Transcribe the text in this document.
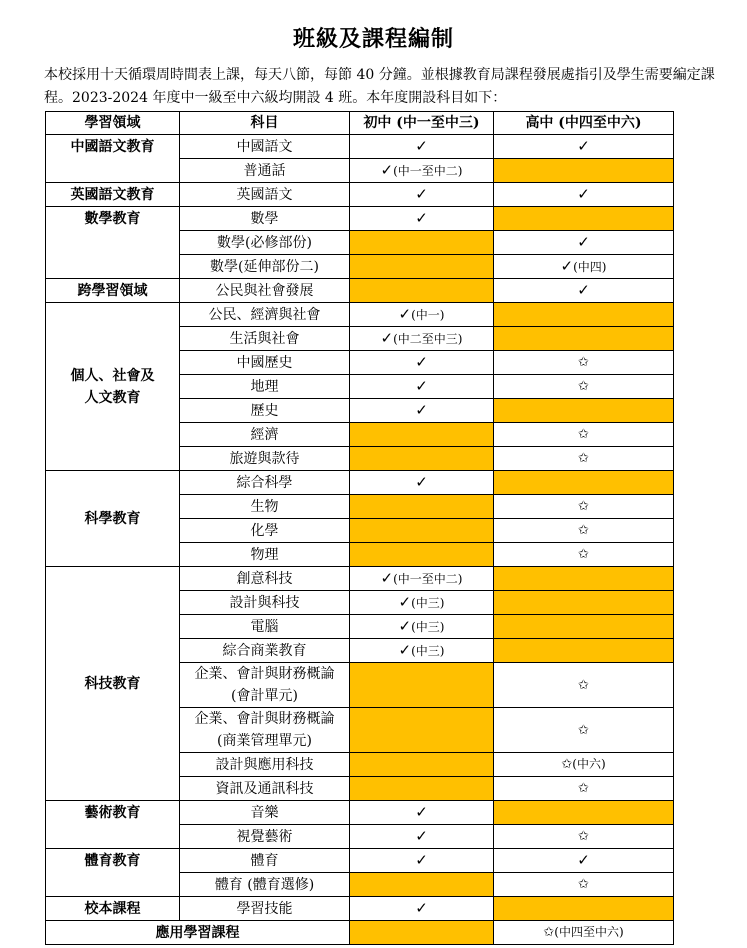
班級及課程編制
本校採用十天循環周時間表上課，每天八節，每節 40 分鐘。並根據教育局課程發展處指引及學生需要編定課程。2023-2024 年度中一級至中六級均開設 4 班。本年度開設科目如下：
學習領域	科目	初中 (中一至中三)	高中 (中四至中六)
中國語文教育	中國語文	✓	✓
	普通話	✓(中一至中二)	
英國語文教育	英國語文	✓	✓
數學教育	數學	✓	
	數學(必修部份)		✓
	數學(延伸部份二)		✓(中四)
跨學習領域	公民與社會發展		✓
個人、社會及
人文教育	公民、經濟與社會	✓(中一)	
	生活與社會	✓(中二至中三)	
	中國歷史	✓	✩
	地理	✓	✩
	歷史	✓	
	經濟		✩
	旅遊與款待		✩
科學教育	綜合科學	✓	
	生物		✩
	化學		✩
	物理		✩
科技教育	創意科技	✓(中一至中二)	
	設計與科技	✓(中三)	
	電腦	✓(中三)	
	綜合商業教育	✓(中三)	
	企業、會計與財務概論
(會計單元)		✩
	企業、會計與財務概論
(商業管理單元)		✩
	設計與應用科技		✩(中六)
	資訊及通訊科技		✩
藝術教育	音樂	✓	
	視覺藝術	✓	✩
體育教育	體育	✓	✓
	體育 (體育選修)		✩
校本課程	學習技能	✓	
應用學習課程			✩(中四至中六)
